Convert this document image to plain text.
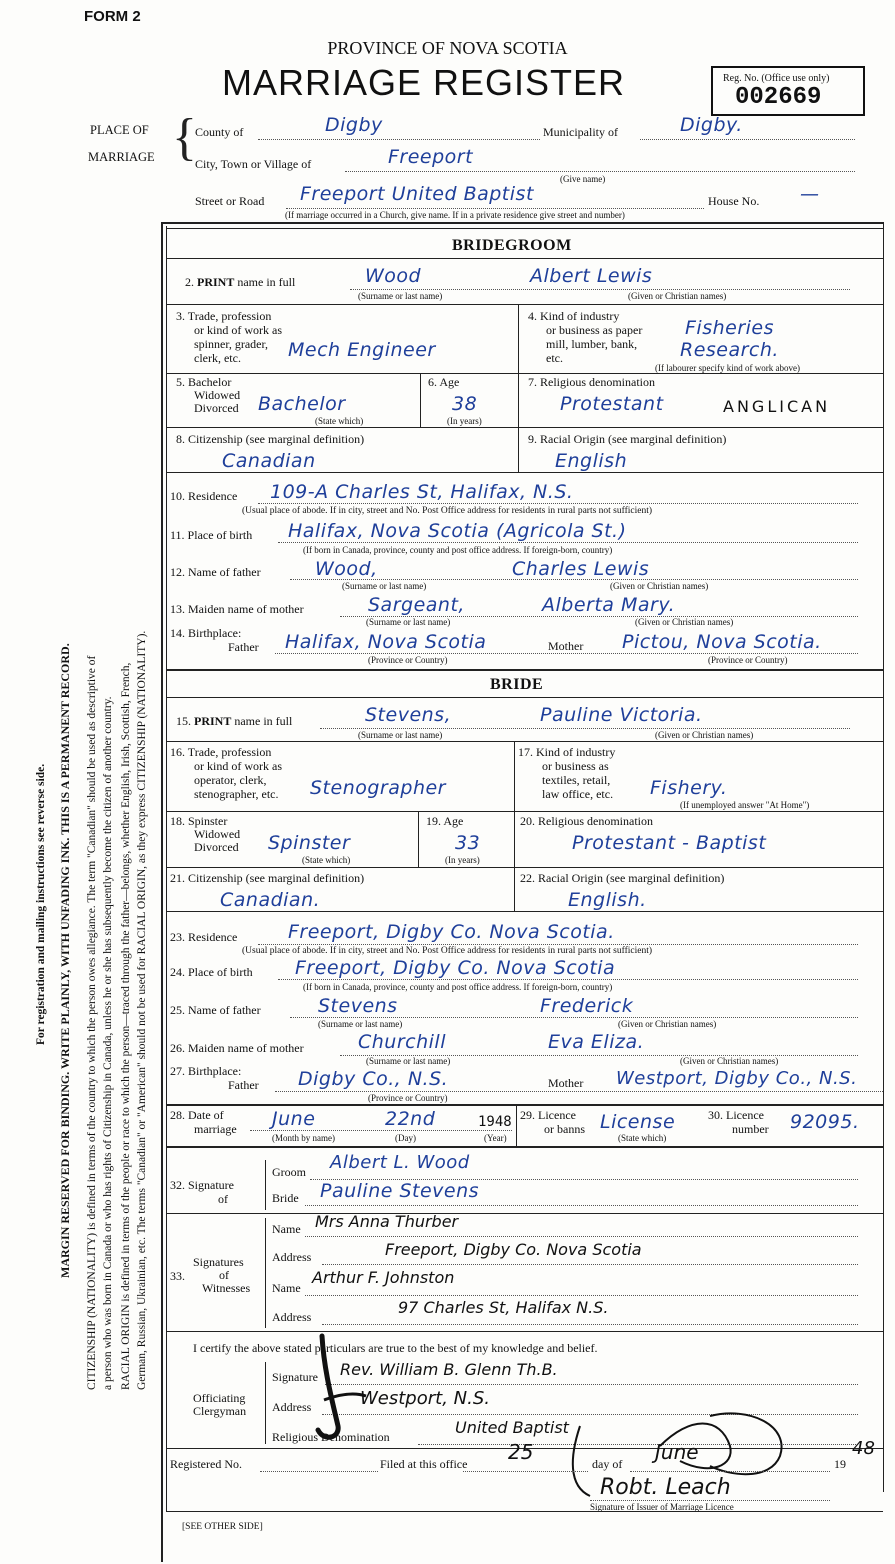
FORM 2
PROVINCE OF NOVA SCOTIA
MARRIAGE REGISTER	Reg. No. (Office use only)
002669
PLACE OF
MARRIAGE {
County of	Digby	Municipality of	Digby.
City, Town or Village of	Freeport
(Give name)
Street or Road Freeport United Baptist	House No. —
(If marriage occurred in a Church, give name. If in a private residence give street and number)
For registration and mailing instructions see reverse side. MARGIN RESERVED FOR BINDING. WRITE PLAINLY, WITH UNFADING INK. THIS IS A PERMANENT RECORD. CITIZENSHIP (NATIONALITY) is defined in terms of the country to which the person owes allegiance. The term "Canadian" should be used as descriptive of a person who was born in Canada or who has rights of Citizenship in Canada, unless he or she has subsequently become the citizen of another country. RACIAL ORIGIN is defined in terms of the people or race to which the person—traced through the father—belongs, whether English, Irish, Scottish, French, German, Russian, Ukrainian, etc. The terms "Canadian" or "American" should not be used for RACIAL ORIGIN, as they express CITIZENSHIP (NATIONALITY).
BRIDEGROOM
2. PRINT name in full	Wood	Albert Lewis
(Surname or last name)	(Given or Christian names)
3. Trade, profession
or kind of work as
spinner, grader,
clerk, etc.	Mech Engineer
4. Kind of industry
or business as paper
mill, lumber, bank,
etc.
Fisheries
Research.
(If labourer specify kind of work above)
5. Bachelor
Widowed
Divorced Bachelor
(State which)
6. Age
38
(In years)
7. Religious denomination
Protestant	ANGLICAN
8. Citizenship (see marginal definition)
Canadian
9. Racial Origin (see marginal definition)
English
10. Residence 109-A Charles St, Halifax, N.S.
(Usual place of abode. If in city, street and No. Post Office address for residents in rural parts not sufficient)
11. Place of birth Halifax, Nova Scotia (Agricola St.)
(If born in Canada, province, county and post office address. If foreign-born, country)
12. Name of father	Wood,	Charles Lewis
(Surname or last name)	(Given or Christian names)
13. Maiden name of mother	Sargeant,	Alberta Mary.
(Surname or last name)	(Given or Christian names)
14. Birthplace:
Father Halifax, Nova Scotia	Mother Pictou, Nova Scotia.
(Province or Country)	(Province or Country)
BRIDE
15. PRINT name in full	Stevens,	Pauline Victoria.
(Surname or last name)	(Given or Christian names)
16. Trade, profession
or kind of work as
operator, clerk,
stenographer, etc. Stenographer
17. Kind of industry
or business as
textiles, retail,
law office, etc. Fishery.
(If unemployed answer "At Home")
18. Spinster
Widowed
Divorced Spinster
(State which)
19. Age
33
(In years)
20. Religious denomination
Protestant - Baptist
21. Citizenship (see marginal definition)
Canadian.
22. Racial Origin (see marginal definition)
English.
23. Residence	Freeport, Digby Co. Nova Scotia.
(Usual place of abode. If in city, street and No. Post Office address for residents in rural parts not sufficient)
24. Place of birth Freeport, Digby Co. Nova Scotia
(If born in Canada, province, county and post office address. If foreign-born, country)
25. Name of father	Stevens	Frederick
(Surname or last name)	(Given or Christian names)
26. Maiden name of mother	Churchill	Eva Eliza.
(Surname or last name)	(Given or Christian names)
27. Birthplace:
Father Digby Co., N.S.	Mother Westport, Digby Co., N.S.
(Province or Country)
28. Date of
marriage June	22nd	1948
(Month by name)	(Day)	(Year)
29. Licence
or banns License
(State which)
30. Licence
number 92095.
32. Signature
of
Groom Albert L. Wood
Bride Pauline Stevens
Signatures
of
Witnesses
33.
Name Mrs Anna Thurber
Address	Freeport, Digby Co. Nova Scotia
Name
Arthur F. Johnston
Address	97 Charles St, Halifax N.S.
I certify the above stated particulars are true to the best of my knowledge and belief.
Officiating
Clergyman
Signature Rev. William B. Glenn Th.B.
Address	Westport, N.S.
Religious Denomination	United Baptist
Registered No.	Filed at this office 25	day of June	19
48
Robt. Leach
Signature of Issuer of Marriage Licence
[SEE OTHER SIDE]
